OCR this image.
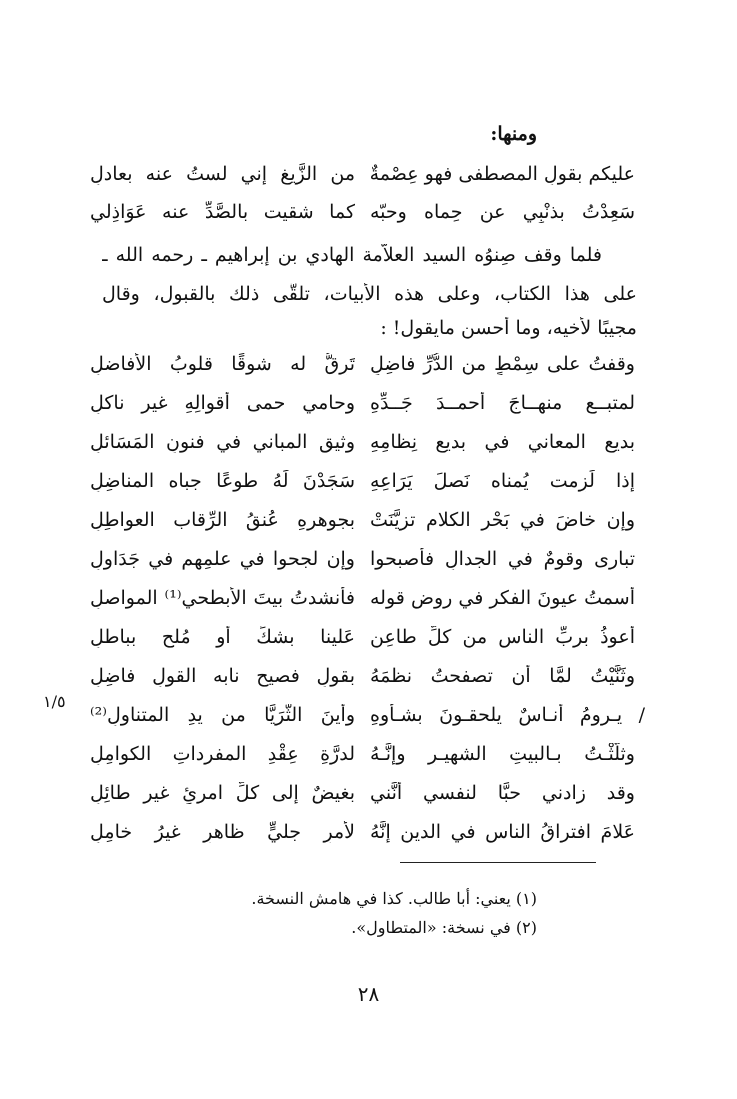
ومنها:
عليكم بقولِ المصطفى فهو عِصْمةٌ
من الزَّيغ إني لستُ عنه بعادلِ
سَعِدْتُ بذنْبِي عن حِماه وحبّه
كما شقيت بالصَّدِّ عنه عَوَاذِلي
فلما وقف صِنوُه السيد العلاَّمة الهادي بن إبراهيم ـ رحمه الله ـ
على هذا الكتاب، وعلى هذه الأبيات، تلقَّى ذلك بالقبول، وقال
مجيبًا لأخيه، وما أحسن مايقول! :
وقفتُ على سِمْطٍ من الدُّرِّ فاضِلٍ
تَرِقُّ له شوقًا قلوبُ الأفاضلِ
لمتبــعِ منهــاجَ أحمــدَ جَــدِّهِ
وحامي حمى أقوالِهِ غير ناكلِ
بديعِ المعاني في بديعِ نِظامِهِ
وثيقِ المباني في فنونِ المَسَائلِ
إذا لَزِمت يُمناه نَصلَ يَرَاعِهِ
سَجَدْنَ لَهُ طوعًا جباه المناضِلِ
وإن خاضَ في بَحْرِ الكلامِ تزيَّنَتْ
بجوهرِهِ عُنقُ الرِّقاب العواطِلِ
تبارى وقومٌ في الجدالِ فأصبحوا
وإن لجحوا في علمِهم في جَدَاولِ
أسمتُ عيونَ الفكرِ في روضِ قوله
فأنشدتُ بيتَ الأبطحي⁽¹⁾ المواصلِ
أعوذُ بربِّ الناسِ من كلِّ طاعِنٍ
عَلينا بشكٍّ أو مُلحٍ بباطلِ
وثَنَّيْتُ لمَّا أن تصفحتُ نظمَهُ
بقولِ فصيحٍ نابه القولِ فاضِلِ
/ يـرومُ أنـاسٌ يلحقـونَ بشـأوِهِ
وأينَ الثُّرَيَّا من يدِ المتناوِلِ⁽²⁾
وثلَّثْـتُ بـالبيتِ الشهيـرِ وإنَّـهُ
لدرَّةِ عِقْدِ المفرداتِ الكوامِلِ
وقد زادني حبًّا لنفسي أنَّني
بغيضٌ إلى كلِّ امرئٍ غيرِ طائِلِ
عَلامَ افتراقُ الناسِ في الدينِ إنَّهُ
لأمرٍ جليٍّ ظاهرٍ غيرُ خامِلِ
١/٥
(١) يعني: أبا طالب. كذا في هامش النسخة.
(٢) في نسخة: «المتطاول».
٢٨
